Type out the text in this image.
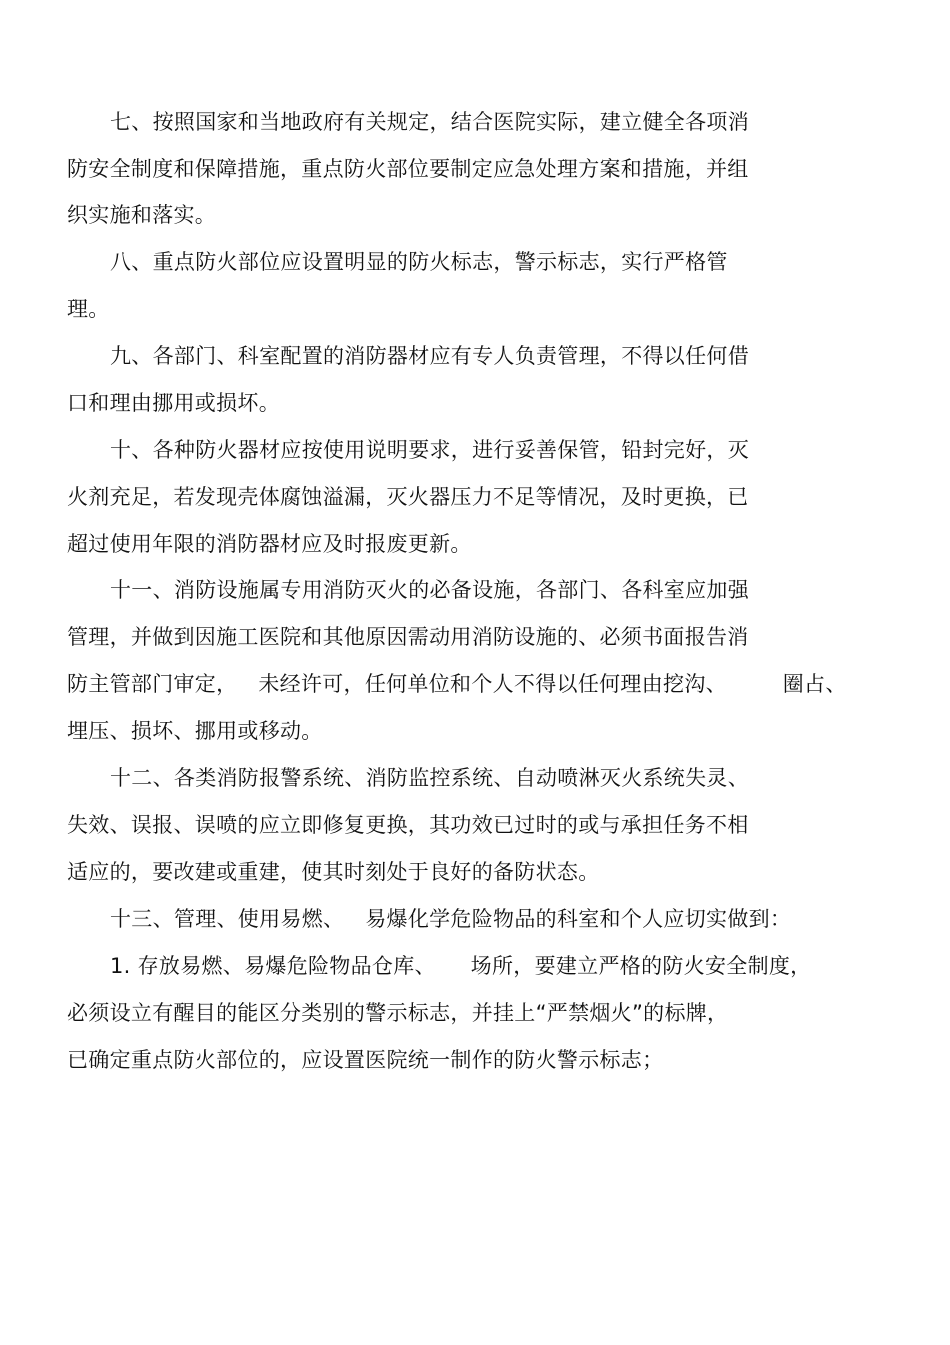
七、按照国家和当地政府有关规定，结合医院实际，建立健全各项消
防安全制度和保障措施，重点防火部位要制定应急处理方案和措施，并组
织实施和落实。
八、重点防火部位应设置明显的防火标志，警示标志，实行严格管
理。
九、各部门、科室配置的消防器材应有专人负责管理，不得以任何借
口和理由挪用或损坏。
十、各种防火器材应按使用说明要求，进行妥善保管，铅封完好，灭
火剂充足，若发现壳体腐蚀溢漏，灭火器压力不足等情况，及时更换，已
超过使用年限的消防器材应及时报废更新。
十一、消防设施属专用消防灭火的必备设施，各部门、各科室应加强
管理，并做到因施工医院和其他原因需动用消防设施的、必须书面报告消
防主管部门审定，   未经许可，任何单位和个人不得以任何理由挖沟、        圈占、
埋压、损坏、挪用或移动。
十二、各类消防报警系统、消防监控系统、自动喷淋灭火系统失灵、
失效、误报、误喷的应立即修复更换，其功效已过时的或与承担任务不相
适应的，要改建或重建，使其时刻处于良好的备防状态。
十三、管理、使用易燃、   易爆化学危险物品的科室和个人应切实做到：
1. 存放易燃、易爆危险物品仓库、     场所，要建立严格的防火安全制度，
必须设立有醒目的能区分类别的警示标志，并挂上“严禁烟火”的标牌，
已确定重点防火部位的，应设置医院统一制作的防火警示标志；
